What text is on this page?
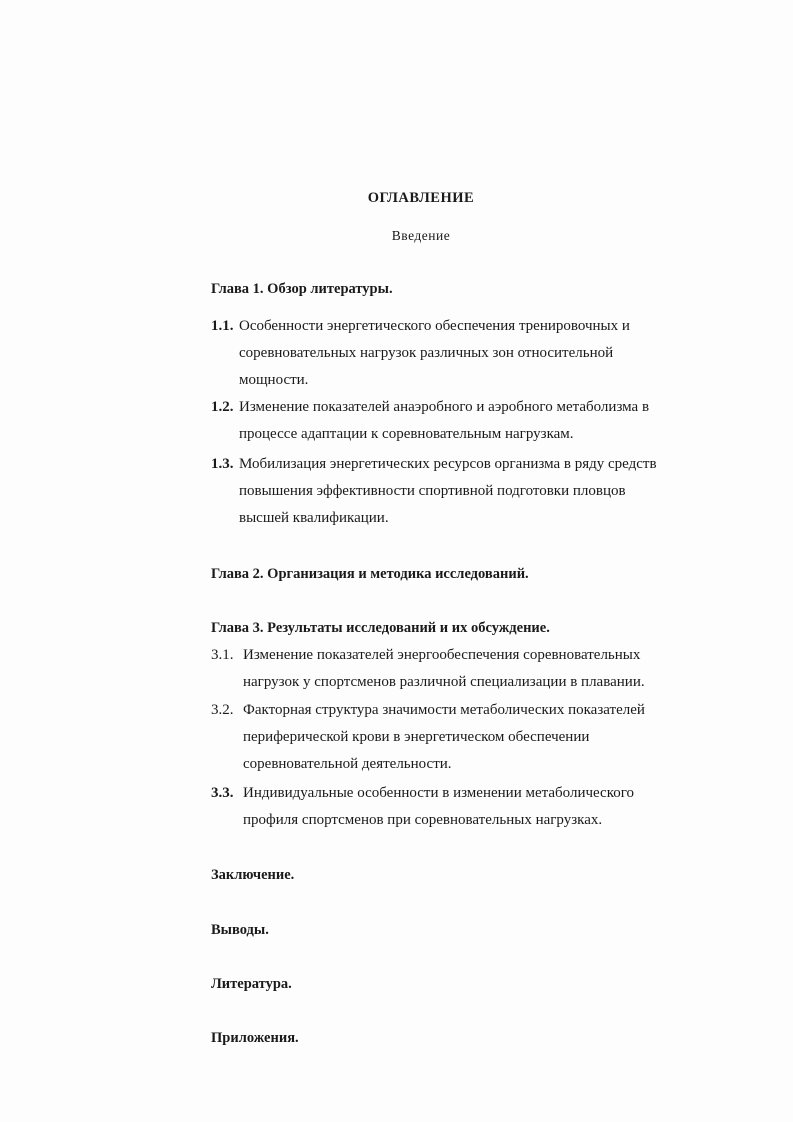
ОГЛАВЛЕНИЕ
Введение
Глава 1. Обзор литературы.
1.1. Особенности энергетического обеспечения тренировочных и
соревновательных нагрузок различных зон относительной
мощности.
1.2. Изменение показателей анаэробного и аэробного метаболизма в
процессе адаптации к соревновательным нагрузкам.
1.3. Мобилизация энергетических ресурсов организма в ряду средств
повышения эффективности спортивной подготовки пловцов
высшей квалификации.
Глава 2. Организация и методика исследований.
Глава 3. Результаты исследований и их обсуждение.
3.1. Изменение показателей энергообеспечения соревновательных
нагрузок у спортсменов различной специализации в плавании.
3.2. Факторная структура значимости метаболических показателей
периферической крови в энергетическом обеспечении
соревновательной деятельности.
3.3. Индивидуальные особенности в изменении метаболического
профиля спортсменов при соревновательных нагрузках.
Заключение.
Выводы.
Литература.
Приложения.
